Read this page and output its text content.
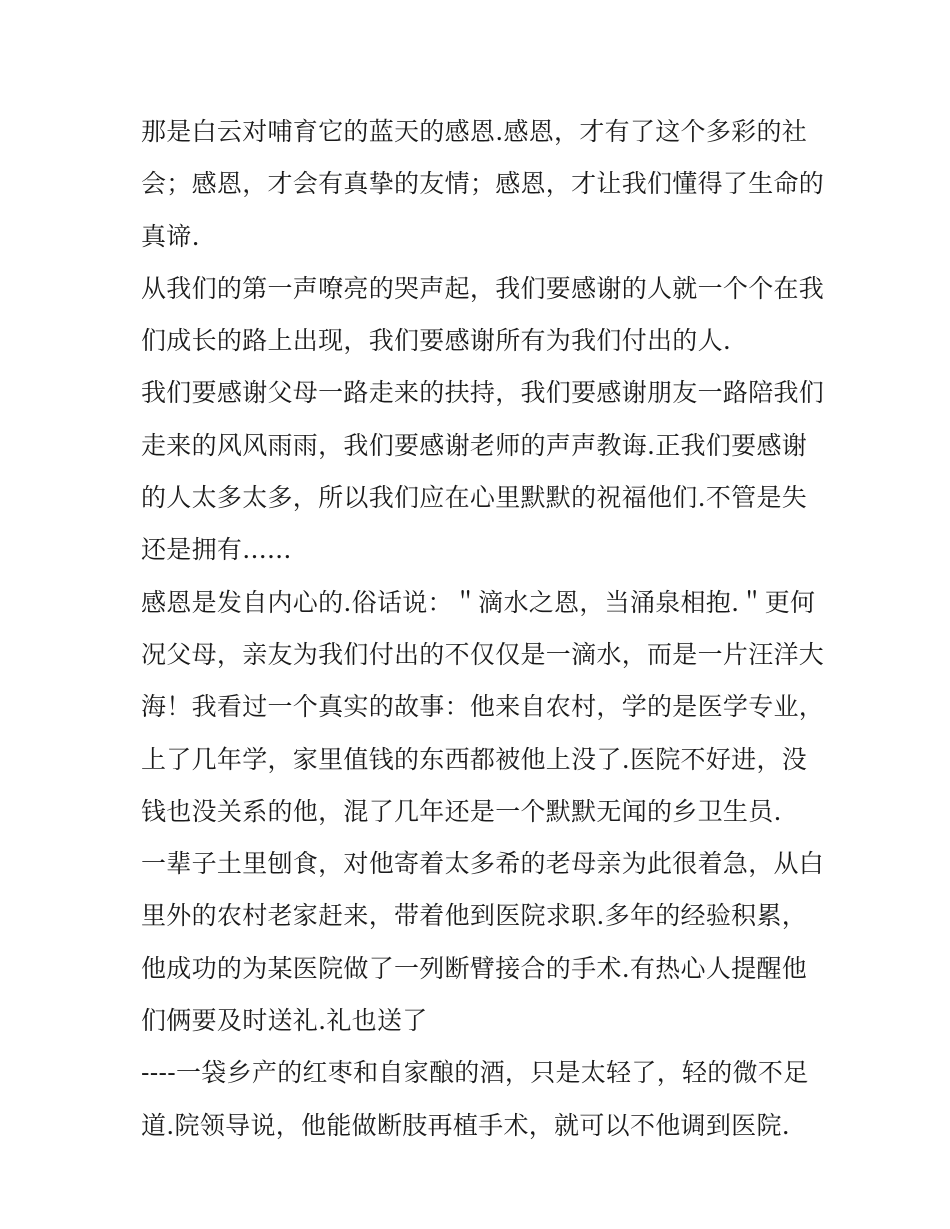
那是白云对哺育它的蓝天的感恩.感恩，才有了这个多彩的社
会；感恩，才会有真挚的友情；感恩，才让我们懂得了生命的
真谛.
从我们的第一声嘹亮的哭声起，我们要感谢的人就一个个在我
们成长的路上出现，我们要感谢所有为我们付出的人.
我们要感谢父母一路走来的扶持，我们要感谢朋友一路陪我们
走来的风风雨雨，我们要感谢老师的声声教诲.正我们要感谢
的人太多太多，所以我们应在心里默默的祝福他们.不管是失
还是拥有......
感恩是发自内心的.俗话说：＂滴水之恩，当涌泉相抱.＂更何
况父母，亲友为我们付出的不仅仅是一滴水，而是一片汪洋大
海！我看过一个真实的故事：他来自农村，学的是医学专业，
上了几年学，家里值钱的东西都被他上没了.医院不好进，没
钱也没关系的他，混了几年还是一个默默无闻的乡卫生员.
一辈子土里刨食，对他寄着太多希的老母亲为此很着急，从白
里外的农村老家赶来，带着他到医院求职.多年的经验积累，
他成功的为某医院做了一列断臂接合的手术.有热心人提醒他
们俩要及时送礼.礼也送了
----一袋乡产的红枣和自家酿的酒，只是太轻了，轻的微不足
道.院领导说，他能做断肢再植手术，就可以不他调到医院.
